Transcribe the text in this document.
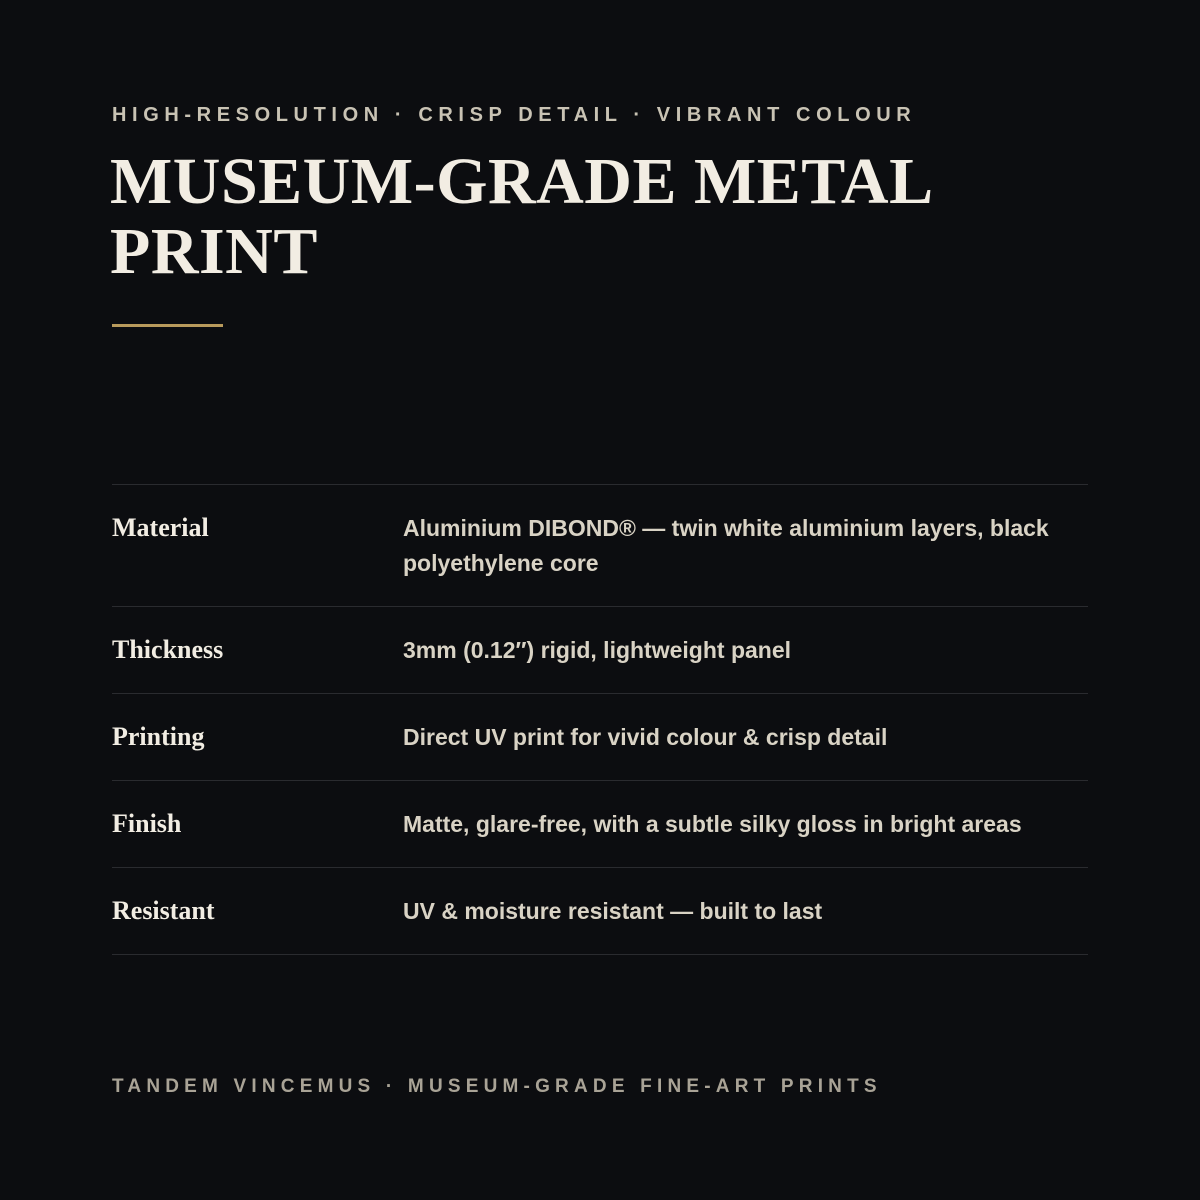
HIGH-RESOLUTION · CRISP DETAIL · VIBRANT COLOUR
MUSEUM-GRADE METAL PRINT
Material	Aluminium DIBOND® — twin white aluminium layers, black polyethylene core
Thickness	3mm (0.12″) rigid, lightweight panel
Printing	Direct UV print for vivid colour & crisp detail
Finish	Matte, glare-free, with a subtle silky gloss in bright areas
Resistant	UV & moisture resistant — built to last
TANDEM VINCEMUS · MUSEUM-GRADE FINE-ART PRINTS
